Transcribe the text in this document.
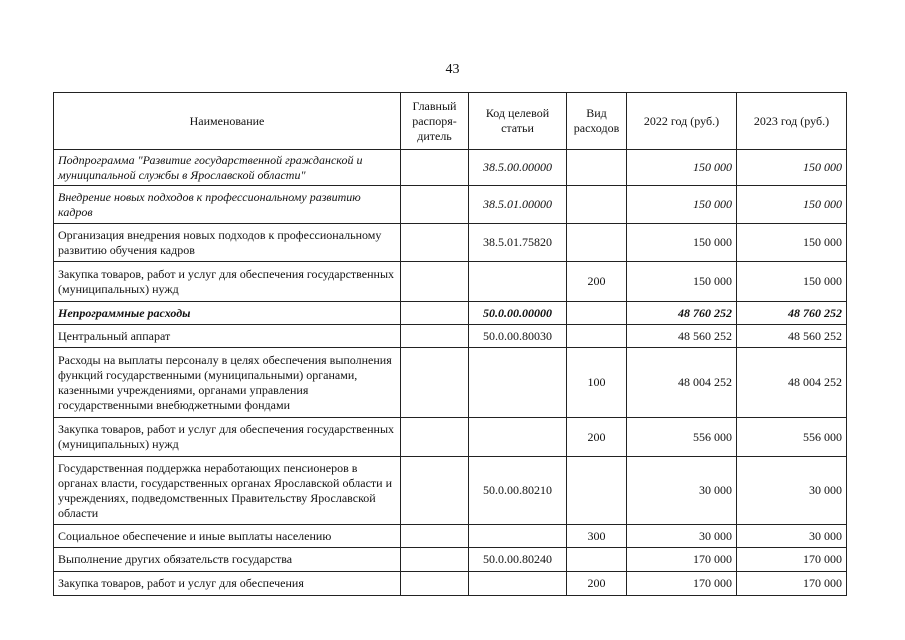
43
Наименование	Главный распоря-дитель	Код целевой статьи	Вид расходов	2022 год (руб.)	2023 год (руб.)
Подпрограмма "Развитие государственной гражданской и муниципальной службы в Ярославской области"		38.5.00.00000		150 000	150 000
Внедрение новых подходов к профессиональному развитию кадров		38.5.01.00000		150 000	150 000
Организация внедрения новых подходов к профессиональному развитию обучения кадров		38.5.01.75820		150 000	150 000
Закупка товаров, работ и услуг для обеспечения государственных (муниципальных) нужд			200	150 000	150 000
Непрограммные расходы		50.0.00.00000		48 760 252	48 760 252
Центральный аппарат		50.0.00.80030		48 560 252	48 560 252
Расходы на выплаты персоналу в целях обеспечения выполнения функций государственными (муниципальными) органами, казенными учреждениями, органами управления государственными внебюджетными фондами			100	48 004 252	48 004 252
Закупка товаров, работ и услуг для обеспечения государственных (муниципальных) нужд			200	556 000	556 000
Государственная поддержка неработающих пенсионеров в органах власти, государственных органах Ярославской области и учреждениях, подведомственных Правительству Ярославской области		50.0.00.80210		30 000	30 000
Социальное обеспечение и иные выплаты населению			300	30 000	30 000
Выполнение других обязательств государства		50.0.00.80240		170 000	170 000
Закупка товаров, работ и услуг для обеспечения			200	170 000	170 000
